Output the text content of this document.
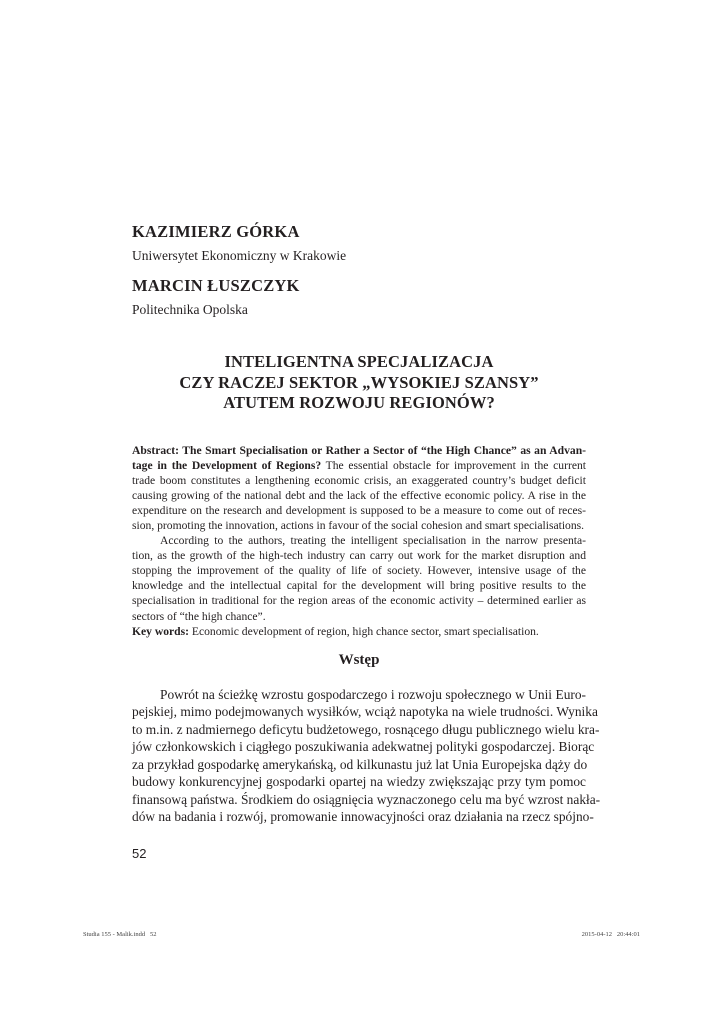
KAZIMIERZ GÓRKA
Uniwersytet Ekonomiczny w Krakowie
MARCIN ŁUSZCZYK
Politechnika Opolska
INTELIGENTNA SPECJALIZACJA
CZY RACZEJ SEKTOR „WYSOKIEJ SZANSY”
ATUTEM ROZWOJU REGIONÓW?
Abstract: The Smart Specialisation or Rather a Sector of “the High Chance” as an Advan-
tage in the Development of Regions? The essential obstacle for improvement in the current
trade boom constitutes a lengthening economic crisis, an exaggerated country’s budget deficit
causing growing of the national debt and the lack of the effective economic policy. A rise in the
expenditure on the research and development is supposed to be a measure to come out of reces-
sion, promoting the innovation, actions in favour of the social cohesion and smart specialisations.
According to the authors, treating the intelligent specialisation in the narrow presenta-
tion, as the growth of the high-tech industry can carry out work for the market disruption and
stopping the improvement of the quality of life of society. However, intensive usage of the
knowledge and the intellectual capital for the development will bring positive results to the
specialisation in traditional for the region areas of the economic activity – determined earlier as
sectors of “the high chance”.
Key words: Economic development of region, high chance sector, smart specialisation.
Wstęp
Powrót na ścieżkę wzrostu gospodarczego i rozwoju społecznego w Unii Euro-
pejskiej, mimo podejmowanych wysiłków, wciąż napotyka na wiele trudności. Wynika
to m.in. z nadmiernego deficytu budżetowego, rosnącego długu publicznego wielu kra-
jów członkowskich i ciągłego poszukiwania adekwatnej polityki gospodarczej. Biorąc
za przykład gospodarkę amerykańską, od kilkunastu już lat Unia Europejska dąży do
budowy konkurencyjnej gospodarki opartej na wiedzy zwiększając przy tym pomoc
finansową państwa. Środkiem do osiągnięcia wyznaczonego celu ma być wzrost nakła-
dów na badania i rozwój, promowanie innowacyjności oraz działania na rzecz spójno-
52
Studia 155 - Malik.indd   52	2015-04-12   20:44:01
